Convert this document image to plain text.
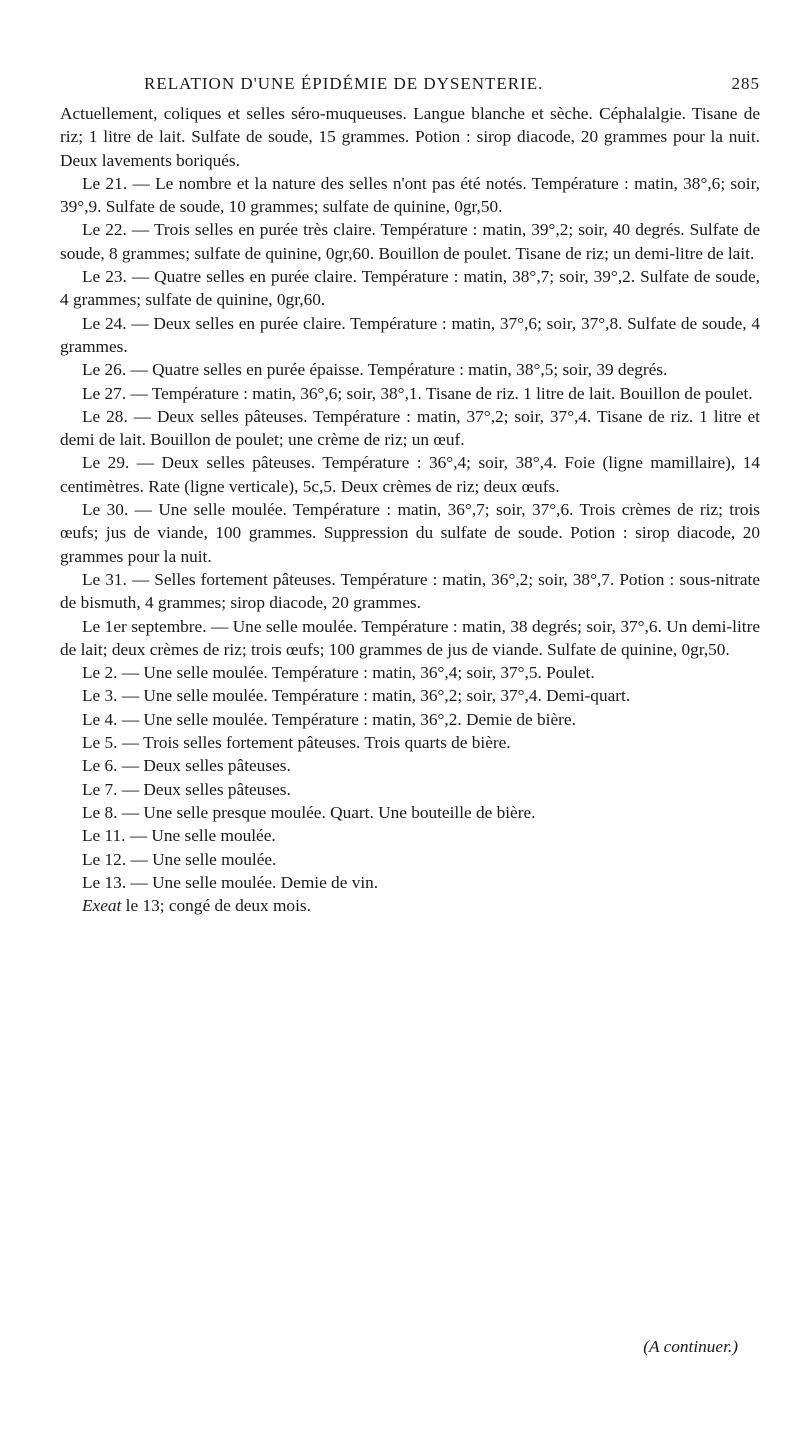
RELATION D'UNE ÉPIDÉMIE DE DYSENTERIE.	285

Actuellement, coliques et selles séro-muqueuses. Langue blanche et sèche. Céphalalgie. Tisane de riz; 1 litre de lait. Sulfate de soude, 15 grammes. Potion : sirop diacode, 20 grammes pour la nuit. Deux lavements boriqués.

Le 21. — Le nombre et la nature des selles n'ont pas été notés. Température : matin, 38°,6; soir, 39°,9. Sulfate de soude, 10 grammes; sulfate de quinine, 0gr,50.

Le 22. — Trois selles en purée très claire. Température : matin, 39°,2; soir, 40 degrés. Sulfate de soude, 8 grammes; sulfate de quinine, 0gr,60. Bouillon de poulet. Tisane de riz; un demi-litre de lait.

Le 23. — Quatre selles en purée claire. Température : matin, 38°,7; soir, 39°,2. Sulfate de soude, 4 grammes; sulfate de quinine, 0gr,60.

Le 24. — Deux selles en purée claire. Température : matin, 37°,6; soir, 37°,8. Sulfate de soude, 4 grammes.

Le 26. — Quatre selles en purée épaisse. Température : matin, 38°,5; soir, 39 degrés.

Le 27. — Température : matin, 36°,6; soir, 38°,1. Tisane de riz. 1 litre de lait. Bouillon de poulet.

Le 28. — Deux selles pâteuses. Température : matin, 37°,2; soir, 37°,4. Tisane de riz. 1 litre et demi de lait. Bouillon de poulet; une crème de riz; un œuf.

Le 29. — Deux selles pâteuses. Température : 36°,4; soir, 38°,4. Foie (ligne mamillaire), 14 centimètres. Rate (ligne verticale), 5c,5. Deux crèmes de riz; deux œufs.

Le 30. — Une selle moulée. Température : matin, 36°,7; soir, 37°,6. Trois crèmes de riz; trois œufs; jus de viande, 100 grammes. Suppression du sulfate de soude. Potion : sirop diacode, 20 grammes pour la nuit.

Le 31. — Selles fortement pâteuses. Température : matin, 36°,2; soir, 38°,7. Potion : sous-nitrate de bismuth, 4 grammes; sirop diacode, 20 grammes.

Le 1er septembre. — Une selle moulée. Température : matin, 38 degrés; soir, 37°,6. Un demi-litre de lait; deux crèmes de riz; trois œufs; 100 grammes de jus de viande. Sulfate de quinine, 0gr,50.

Le 2. — Une selle moulée. Température : matin, 36°,4; soir, 37°,5. Poulet.

Le 3. — Une selle moulée. Température : matin, 36°,2; soir, 37°,4. Demi-quart.

Le 4. — Une selle moulée. Température : matin, 36°,2. Demie de bière.

Le 5. — Trois selles fortement pâteuses. Trois quarts de bière.

Le 6. — Deux selles pâteuses.

Le 7. — Deux selles pâteuses.

Le 8. — Une selle presque moulée. Quart. Une bouteille de bière.

Le 11. — Une selle moulée.

Le 12. — Une selle moulée.

Le 13. — Une selle moulée. Demie de vin.

Exeat le 13; congé de deux mois.

(A continuer.)
